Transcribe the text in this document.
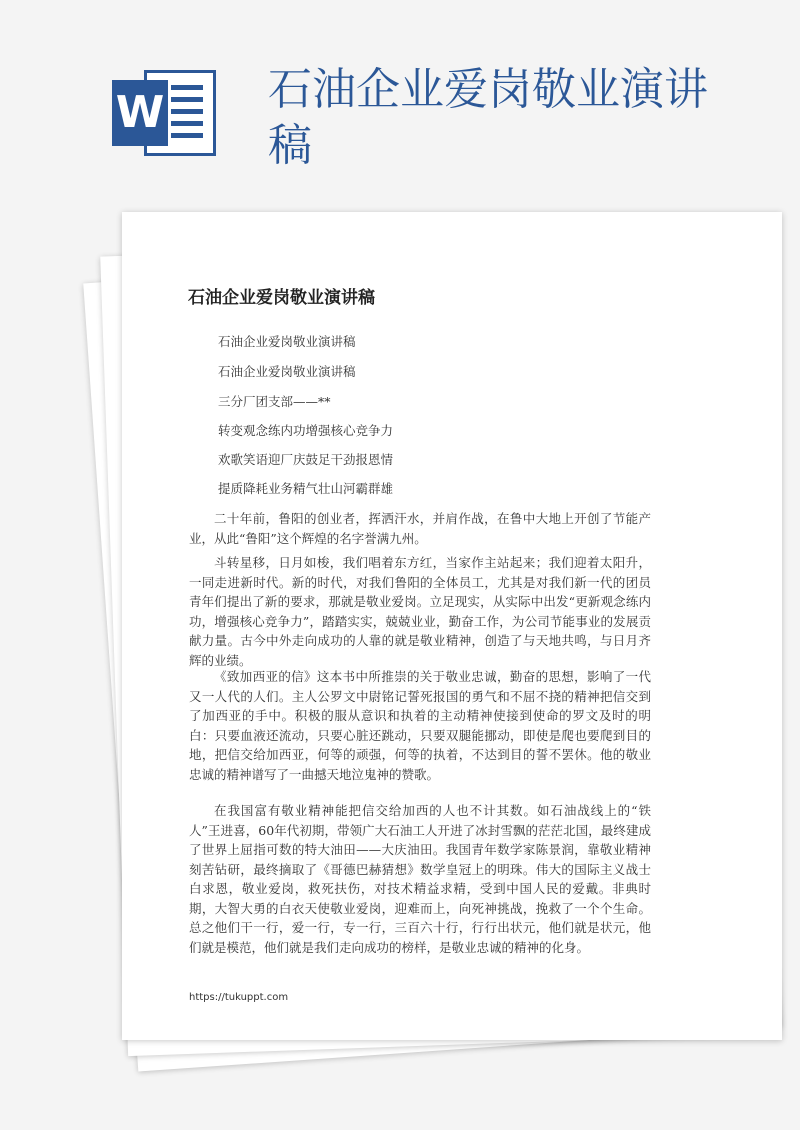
W 石油企业爱岗敬业演讲稿
石油企业爱岗敬业演讲稿

石油企业爱岗敬业演讲稿

石油企业爱岗敬业演讲稿

三分厂团支部——**

转变观念练内功增强核心竞争力

欢歌笑语迎厂庆鼓足干劲报恩情

提质降耗业务精气壮山河霸群雄

二十年前，鲁阳的创业者，挥洒汗水，并肩作战，在鲁中大地上开创了节能产业，从此“鲁阳”这个辉煌的名字誉满九州。

斗转星移，日月如梭，我们唱着东方红，当家作主站起来；我们迎着太阳升，一同走进新时代。新的时代，对我们鲁阳的全体员工，尤其是对我们新一代的团员青年们提出了新的要求，那就是敬业爱岗。立足现实，从实际中出发“更新观念练内功，增强核心竞争力”，踏踏实实，兢兢业业，勤奋工作，为公司节能事业的发展贡献力量。古今中外走向成功的人靠的就是敬业精神，创造了与天地共鸣，与日月齐辉的业绩。

《致加西亚的信》这本书中所推崇的关于敬业忠诚，勤奋的思想，影响了一代又一人代的人们。主人公罗文中尉铭记誓死报国的勇气和不屈不挠的精神把信交到了加西亚的手中。积极的服从意识和执着的主动精神使接到使命的罗文及时的明白：只要血液还流动，只要心脏还跳动，只要双腿能挪动，即使是爬也要爬到目的地，把信交给加西亚，何等的顽强，何等的执着，不达到目的誓不罢休。他的敬业忠诚的精神谱写了一曲撼天地泣鬼神的赞歌。

在我国富有敬业精神能把信交给加西的人也不计其数。如石油战线上的“铁人”王进喜，60年代初期，带领广大石油工人开进了冰封雪飘的茫茫北国，最终建成了世界上屈指可数的特大油田——大庆油田。我国青年数学家陈景润，靠敬业精神刻苦钻研，最终摘取了《哥德巴赫猜想》数学皇冠上的明珠。伟大的国际主义战士白求恩，敬业爱岗，救死扶伤，对技术精益求精，受到中国人民的爱戴。非典时期，大智大勇的白衣天使敬业爱岗，迎难而上，向死神挑战，挽救了一个个生命。总之他们干一行，爱一行，专一行，三百六十行，行行出状元，他们就是状元，他们就是模范，他们就是我们走向成功的榜样，是敬业忠诚的精神的化身。

https://tukuppt.com
